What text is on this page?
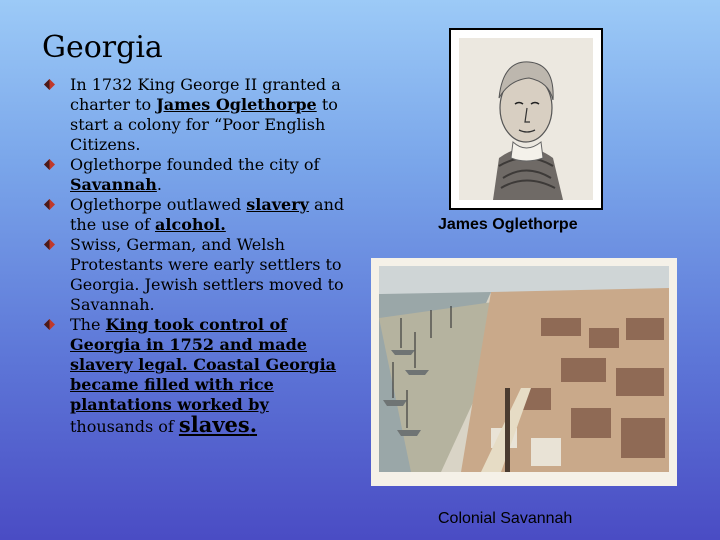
Georgia
In 1732 King George II granted a charter to James Oglethorpe to start a colony for “Poor English Citizens.
Oglethorpe founded the city of Savannah.
Oglethorpe outlawed slavery and the use of alcohol.
Swiss, German, and Welsh Protestants were early settlers to Georgia. Jewish settlers moved to Savannah.
The King took control of Georgia in 1752 and made slavery legal. Coastal Georgia became filled with rice plantations worked by thousands of slaves.
James Oglethorpe
Colonial Savannah
